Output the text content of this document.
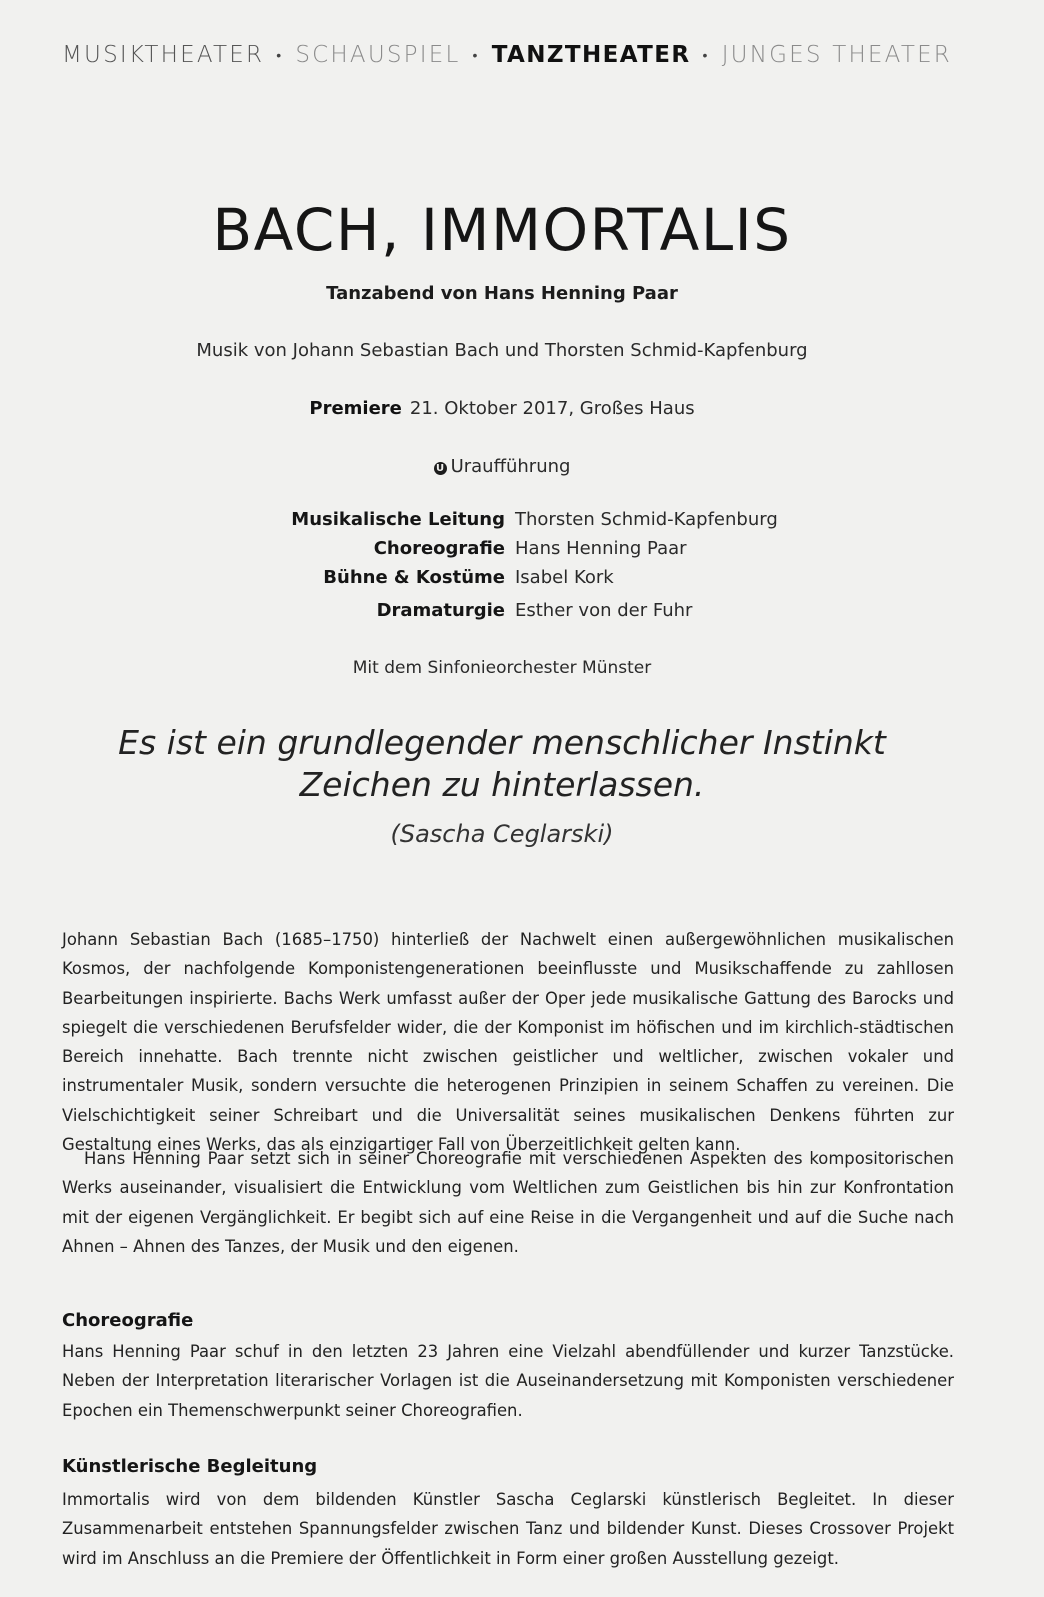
MUSIKTHEATER • SCHAUSPIEL • TANZTHEATER • JUNGES THEATER
BACH, IMMORTALIS
Tanzabend von Hans Henning Paar
Musik von Johann Sebastian Bach und Thorsten Schmid-Kapfenburg
Premiere 21. Oktober 2017, Großes Haus
U Uraufführung
Musikalische Leitung Thorsten Schmid-Kapfenburg
Choreografie Hans Henning Paar
Bühne & Kostüme Isabel Kork
Dramaturgie Esther von der Fuhr
Mit dem Sinfonieorchester Münster
Es ist ein grundlegender menschlicher Instinkt
Zeichen zu hinterlassen.
(Sascha Ceglarski)
Johann Sebastian Bach (1685–1750) hinterließ der Nachwelt einen außergewöhnlichen musikalischen Kosmos, der nachfolgende Komponistengenerationen beeinflusste und Musikschaffende zu zahllosen Bearbeitungen inspirierte. Bachs Werk umfasst außer der Oper jede musikalische Gattung des Barocks und spiegelt die verschiedenen Berufsfelder wider, die der Komponist im höfischen und im kirchlich-städtischen Bereich innehatte. Bach trennte nicht zwischen geistlicher und weltlicher, zwischen vokaler und instrumentaler Musik, sondern versuchte die heterogenen Prinzipien in seinem Schaffen zu vereinen. Die Vielschichtigkeit seiner Schreibart und die Universalität seines musikalischen Denkens führten zur Gestaltung eines Werks, das als einzigartiger Fall von Überzeitlichkeit gelten kann.
Hans Henning Paar setzt sich in seiner Choreografie mit verschiedenen Aspekten des kompositorischen Werks auseinander, visualisiert die Entwicklung vom Weltlichen zum Geistlichen bis hin zur Konfrontation mit der eigenen Vergänglichkeit. Er begibt sich auf eine Reise in die Vergangenheit und auf die Suche nach Ahnen – Ahnen des Tanzes, der Musik und den eigenen.
Choreografie
Hans Henning Paar schuf in den letzten 23 Jahren eine Vielzahl abendfüllender und kurzer Tanzstücke. Neben der Interpretation literarischer Vorlagen ist die Auseinandersetzung mit Komponisten verschiedener Epochen ein Themenschwerpunkt seiner Choreografien.
Künstlerische Begleitung
Immortalis wird von dem bildenden Künstler Sascha Ceglarski künstlerisch Begleitet. In dieser Zusammenarbeit entstehen Spannungsfelder zwischen Tanz und bildender Kunst. Dieses Crossover Projekt wird im Anschluss an die Premiere der Öffentlichkeit in Form einer großen Ausstellung gezeigt.
